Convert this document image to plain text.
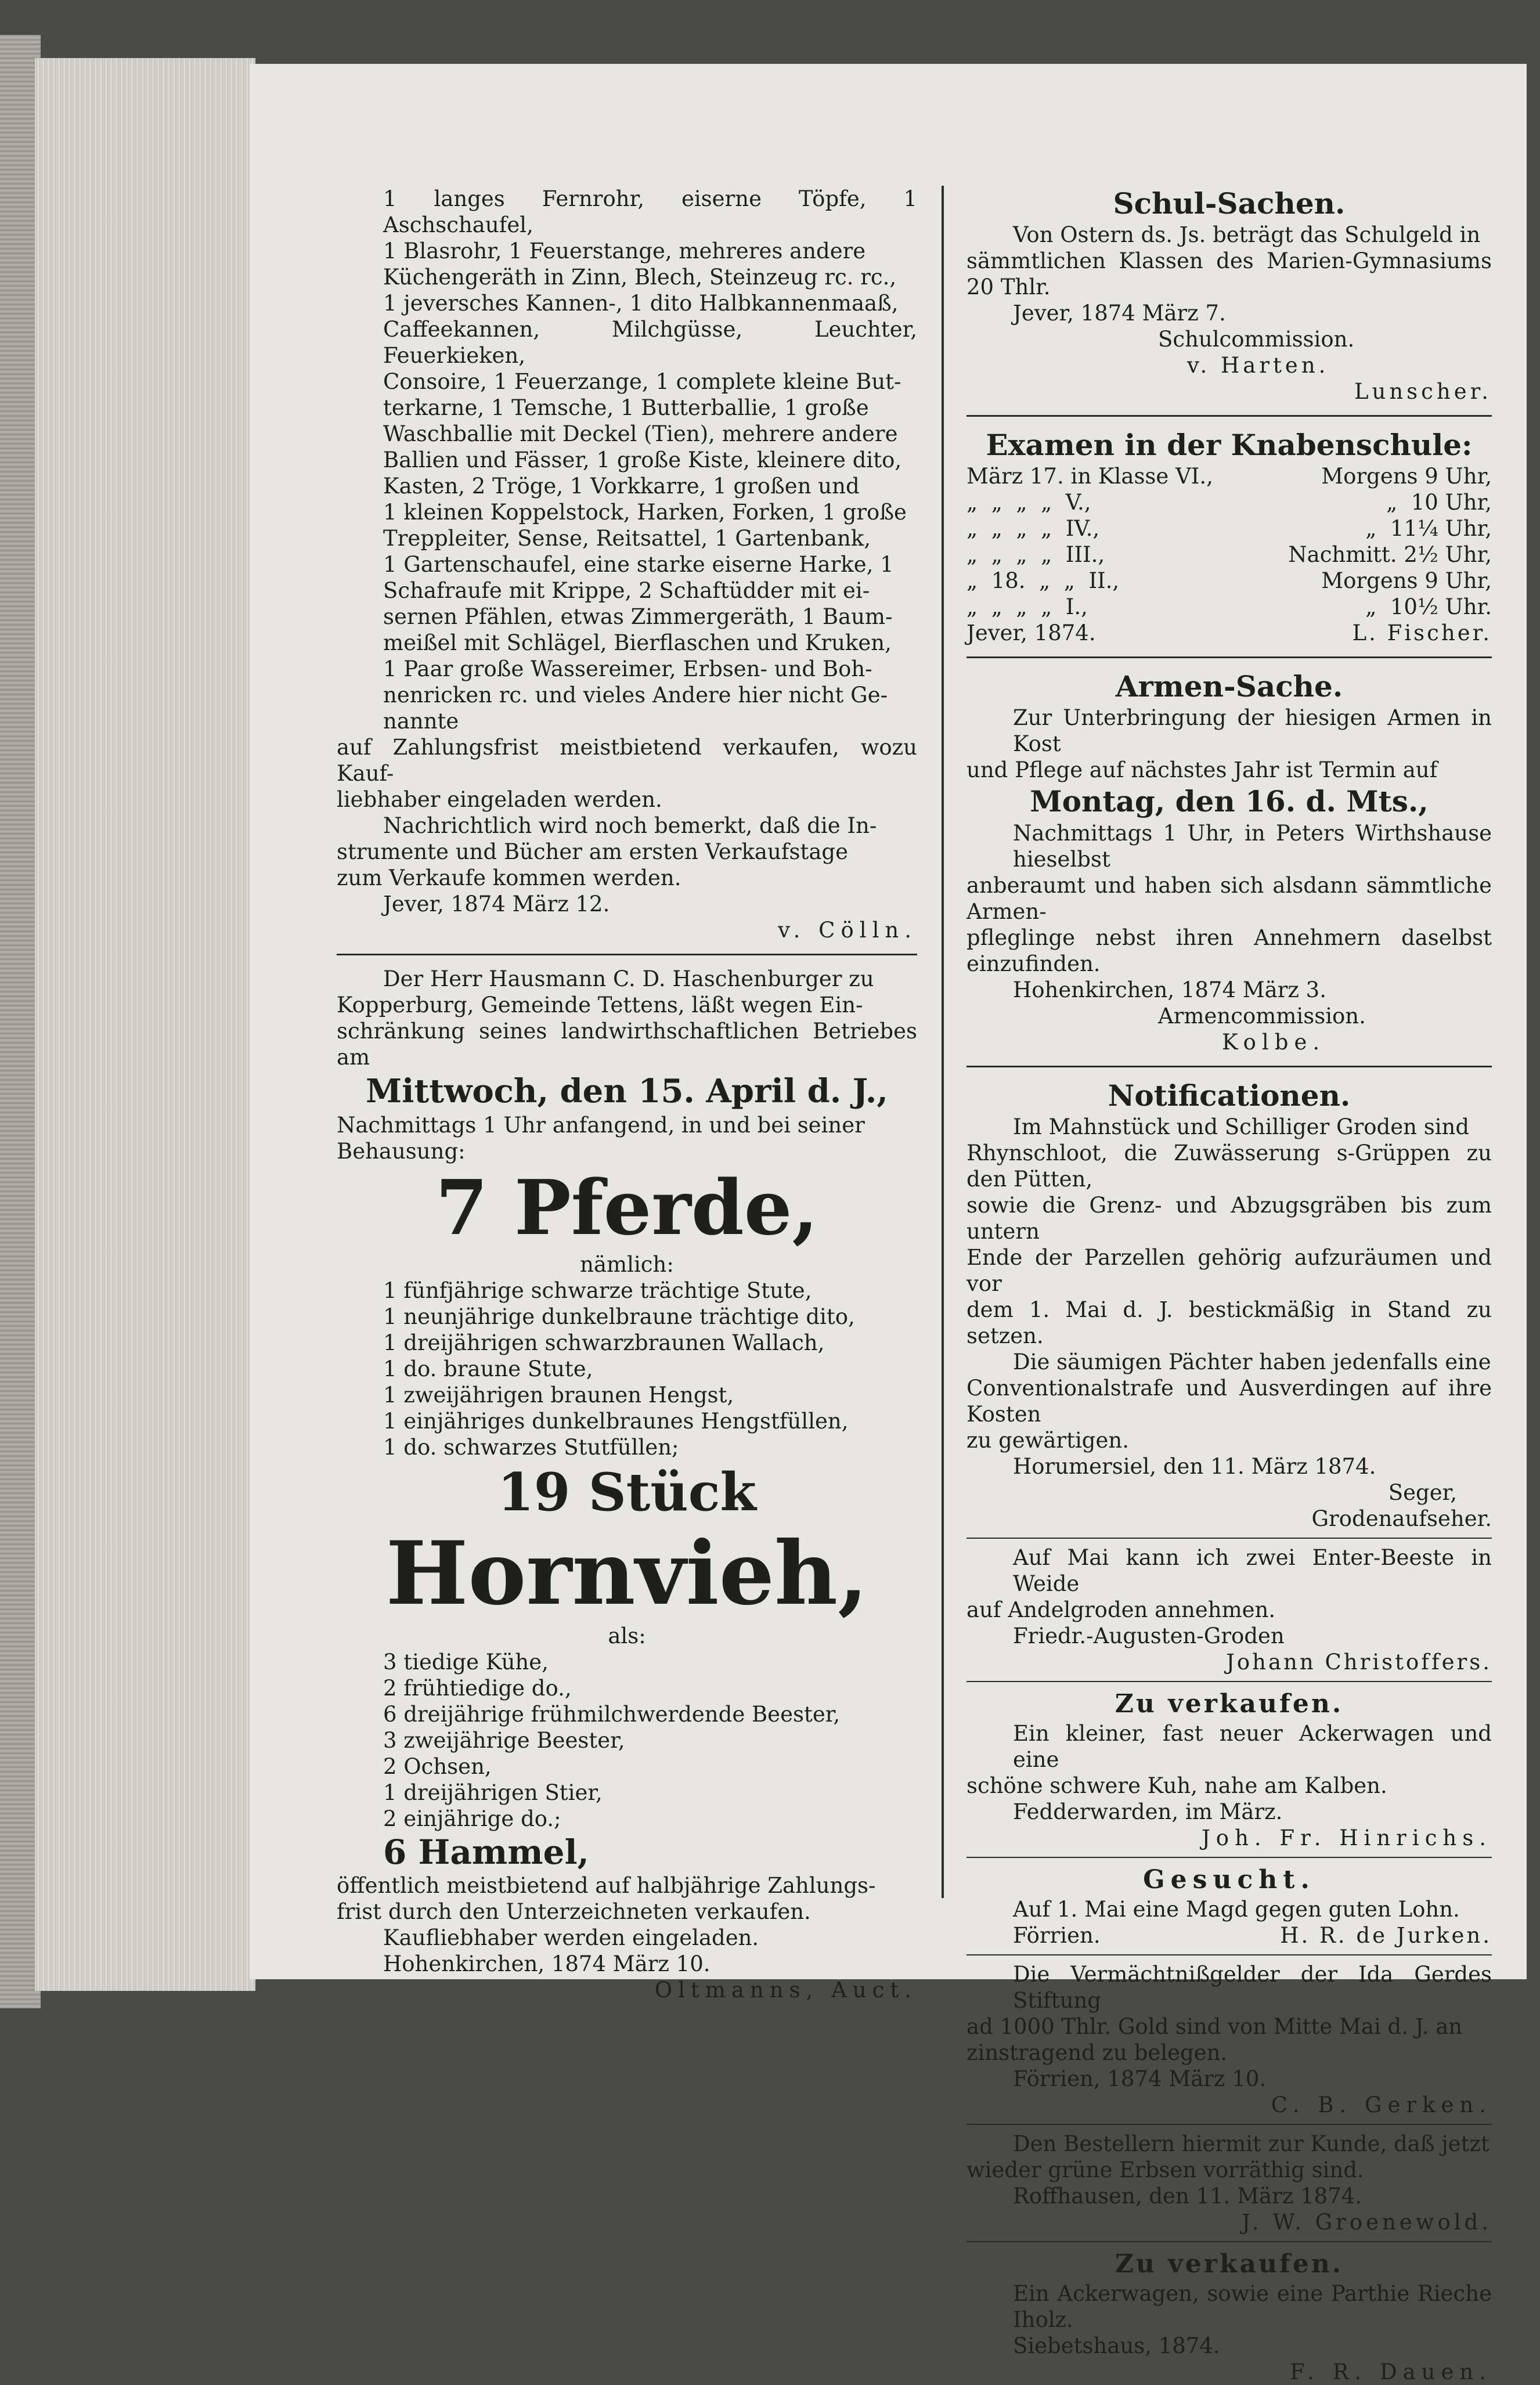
1 langes Fernrohr, eiserne Töpfe, 1 Aschschaufel,

1 Blasrohr, 1 Feuerstange, mehreres andere

Küchengeräth in Zinn, Blech, Steinzeug rc. rc.,

1 jeversches Kannen-, 1 dito Halbkannenmaaß,

Caffeekannen, Milchgüsse, Leuchter, Feuerkieken,

Consoire, 1 Feuerzange, 1 complete kleine But-

terkarne, 1 Temsche, 1 Butterballie, 1 große

Waschballie mit Deckel (Tien), mehrere andere

Ballien und Fässer, 1 große Kiste, kleinere dito,

Kasten, 2 Tröge, 1 Vorkkarre, 1 großen und

1 kleinen Koppelstock, Harken, Forken, 1 große

Treppleiter, Sense, Reitsattel, 1 Gartenbank,

1 Gartenschaufel, eine starke eiserne Harke, 1

Schafraufe mit Krippe, 2 Schaftüdder mit ei-

sernen Pfählen, etwas Zimmergeräth, 1 Baum-

meißel mit Schlägel, Bierflaschen und Kruken,

1 Paar große Wassereimer, Erbsen- und Boh-

nenricken rc. und vieles Andere hier nicht Ge-

nannte

auf Zahlungsfrist meistbietend verkaufen, wozu Kauf-

liebhaber eingeladen werden.

Nachrichtlich wird noch bemerkt, daß die In-

strumente und Bücher am ersten Verkaufstage

zum Verkaufe kommen werden.

Jever, 1874 März 12.

v. Cölln.

Der Herr Hausmann C. D. Haschenburger zu

Kopperburg, Gemeinde Tettens, läßt wegen Ein-

schränkung seines landwirthschaftlichen Betriebes am

Mittwoch, den 15. April d. J.,

Nachmittags 1 Uhr anfangend, in und bei seiner

Behausung:

7 Pferde,

nämlich:

1 fünfjährige schwarze trächtige Stute,

1 neunjährige dunkelbraune trächtige dito,

1 dreijährigen schwarzbraunen Wallach,

1 do. braune Stute,

1 zweijährigen braunen Hengst,

1 einjähriges dunkelbraunes Hengstfüllen,

1 do. schwarzes Stutfüllen;

19 Stück

Hornvieh,

als:

3 tiedige Kühe,

2 frühtiedige do.,

6 dreijährige frühmilchwerdende Beester,

3 zweijährige Beester,

2 Ochsen,

1 dreijährigen Stier,

2 einjährige do.;

6 Hammel,

öffentlich meistbietend auf halbjährige Zahlungs-

frist durch den Unterzeichneten verkaufen.

Kaufliebhaber werden eingeladen.

Hohenkirchen, 1874 März 10.

Oltmanns, Auct.

Schul-Sachen.

Von Ostern ds. Js. beträgt das Schulgeld in

sämmtlichen Klassen des Marien-Gymnasiums 20 Thlr.

Jever, 1874 März 7.

Schulcommission.

v. Harten.

Lunscher.

Examen in der Knabenschule:

März 17. in Klasse VI.,	Morgens 9 Uhr,
„  „  „  „  V.,	„  10 Uhr,
„  „  „  „  IV.,	„  11¼ Uhr,
„  „  „  „  III.,	Nachmitt. 2½ Uhr,
„  18.  „  „  II.,	Morgens 9 Uhr,
„  „  „  „  I.,	„  10½ Uhr.
Jever, 1874.	L. Fischer.

Armen-Sache.

Zur Unterbringung der hiesigen Armen in Kost

und Pflege auf nächstes Jahr ist Termin auf

Montag, den 16. d. Mts.,

Nachmittags 1 Uhr, in Peters Wirthshause hieselbst

anberaumt und haben sich alsdann sämmtliche Armen-

pfleglinge nebst ihren Annehmern daselbst einzufinden.

Hohenkirchen, 1874 März 3.

Armencommission.

Kolbe.

Notificationen.

Im Mahnstück und Schilliger Groden sind

Rhynschloot, die Zuwässerung s-Grüppen zu den Pütten,

sowie die Grenz- und Abzugsgräben bis zum untern

Ende der Parzellen gehörig aufzuräumen und vor

dem 1. Mai d. J. bestickmäßig in Stand zu setzen.

Die säumigen Pächter haben jedenfalls eine

Conventionalstrafe und Ausverdingen auf ihre Kosten

zu gewärtigen.

Horumersiel, den 11. März 1874.

Seger,

Grodenaufseher.

Auf Mai kann ich zwei Enter-Beeste in Weide

auf Andelgroden annehmen.

Friedr.-Augusten-Groden

Johann Christoffers.

Zu verkaufen.

Ein kleiner, fast neuer Ackerwagen und eine

schöne schwere Kuh, nahe am Kalben.

Fedderwarden, im März.

Joh. Fr. Hinrichs.

Gesucht.

Auf 1. Mai eine Magd gegen guten Lohn.

Förrien.	H. R. de Jurken.

Die Vermächtnißgelder der Ida Gerdes Stiftung

ad 1000 Thlr. Gold sind von Mitte Mai d. J. an

zinstragend zu belegen.

Förrien, 1874 März 10.

C. B. Gerken.

Den Bestellern hiermit zur Kunde, daß jetzt

wieder grüne Erbsen vorräthig sind.

Roffhausen, den 11. März 1874.

J. W. Groenewold.

Zu verkaufen.

Ein Ackerwagen, sowie eine Parthie Rieche Iholz.

Siebetshaus, 1874.

F. R. Dauen.
